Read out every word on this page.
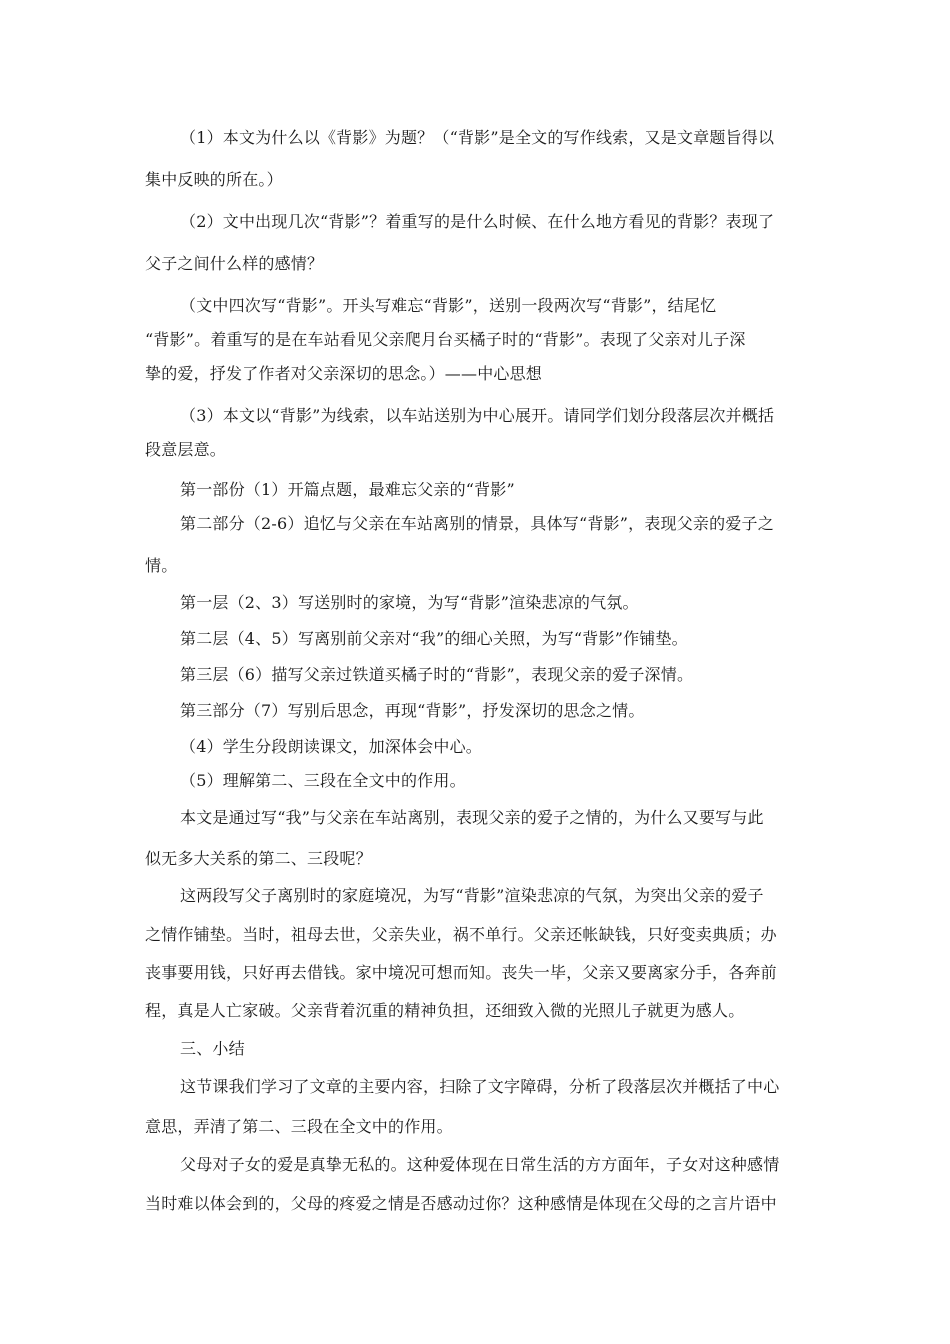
（1）本文为什么以《背影》为题？（“背影”是全文的写作线索，又是文章题旨得以
集中反映的所在。）
（2）文中出现几次“背影”？着重写的是什么时候、在什么地方看见的背影？表现了
父子之间什么样的感情？
（文中四次写“背影”。开头写难忘“背影”，送别一段两次写“背影”，结尾忆
“背影”。着重写的是在车站看见父亲爬月台买橘子时的“背影”。表现了父亲对儿子深
挚的爱，抒发了作者对父亲深切的思念。）——中心思想
（3）本文以“背影”为线索，以车站送别为中心展开。请同学们划分段落层次并概括
段意层意。
第一部份（1）开篇点题，最难忘父亲的“背影”
第二部分（2-6）追忆与父亲在车站离别的情景，具体写“背影”，表现父亲的爱子之
情。
第一层（2、3）写送别时的家境，为写“背影”渲染悲凉的气氛。
第二层（4、5）写离别前父亲对“我”的细心关照，为写“背影”作铺垫。
第三层（6）描写父亲过铁道买橘子时的“背影”，表现父亲的爱子深情。
第三部分（7）写别后思念，再现“背影”，抒发深切的思念之情。
（4）学生分段朗读课文，加深体会中心。
（5）理解第二、三段在全文中的作用。
本文是通过写“我”与父亲在车站离别，表现父亲的爱子之情的，为什么又要写与此
似无多大关系的第二、三段呢？
这两段写父子离别时的家庭境况，为写“背影”渲染悲凉的气氛，为突出父亲的爱子
之情作铺垫。当时，祖母去世，父亲失业，祸不单行。父亲还帐缺钱，只好变卖典质；办
丧事要用钱，只好再去借钱。家中境况可想而知。丧失一毕，父亲又要离家分手，各奔前
程，真是人亡家破。父亲背着沉重的精神负担，还细致入微的光照儿子就更为感人。
三、小结
这节课我们学习了文章的主要内容，扫除了文字障碍，分析了段落层次并概括了中心
意思，弄清了第二、三段在全文中的作用。
父母对子女的爱是真挚无私的。这种爱体现在日常生活的方方面年，子女对这种感情
当时难以体会到的，父母的疼爱之情是否感动过你？这种感情是体现在父母的之言片语中
